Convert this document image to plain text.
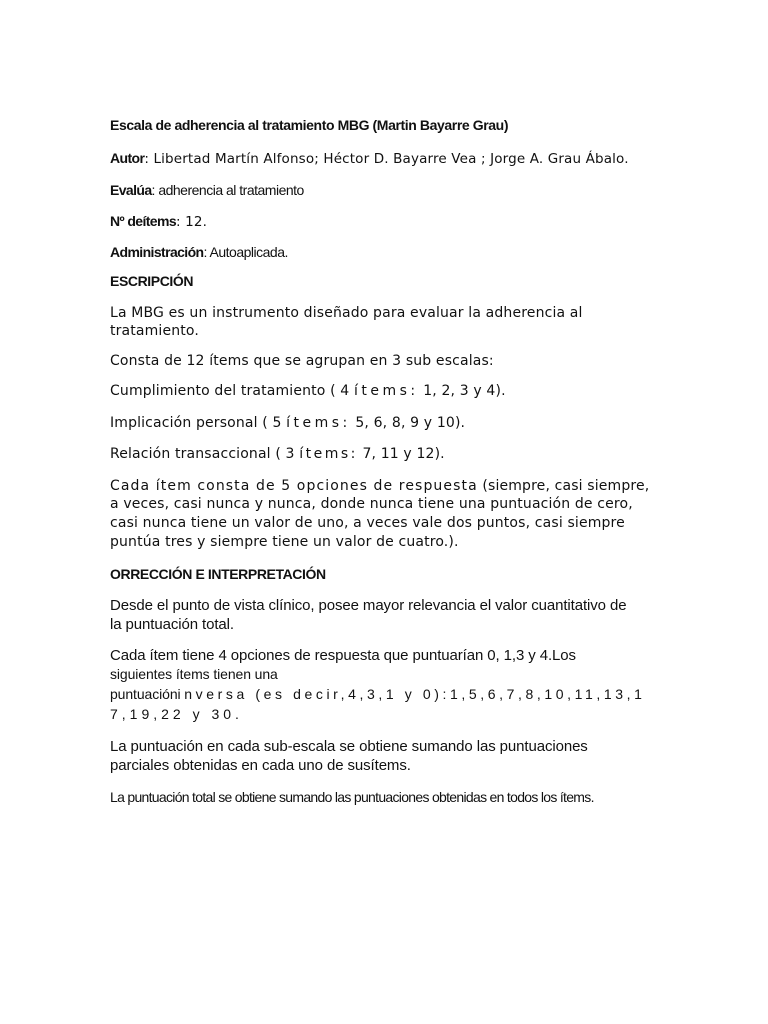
Escala de adherencia al tratamiento MBG (Martin Bayarre Grau)
Autor: Libertad Martín Alfonso; Héctor D. Bayarre Vea ; Jorge A. Grau Ábalo.
Evalúa: adherencia al tratamiento
Nº deítems: 12.
Administración: Autoaplicada.
ESCRIPCIÓN
La MBG es un instrumento diseñado para evaluar la adherencia al
tratamiento.
Consta de 12 ítems que se agrupan en 3 sub escalas:
Cumplimiento del tratamiento ( 4 ítems: 1, 2, 3 y 4).
Implicación personal ( 5 ítems: 5, 6, 8, 9 y 10).
Relación transaccional ( 3 ítems: 7, 11 y 12).
Cada ítem consta de 5 opciones de respuesta (siempre, casi siempre,
a veces, casi nunca y nunca, donde nunca tiene una puntuación de cero,
casi nunca tiene un valor de uno, a veces vale dos puntos, casi siempre
puntúa tres y siempre tiene un valor de cuatro.).
ORRECCIÓN E INTERPRETACIÓN
Desde el punto de vista clínico, posee mayor relevancia el valor cuantitativo de
la puntuación total.
Cada ítem tiene 4 opciones de respuesta que puntuarían 0, 1,3 y 4.Los
siguientes ítems tienen una
puntuacióninversa (es decir,4,3,1 y 0):1,5,6,7,8,10,11,13,1
7,19,22 y 30.
La puntuación en cada sub-escala se obtiene sumando las puntuaciones
parciales obtenidas en cada uno de susítems.
La puntuación total se obtiene sumando las puntuaciones obtenidas en todos los ítems.
